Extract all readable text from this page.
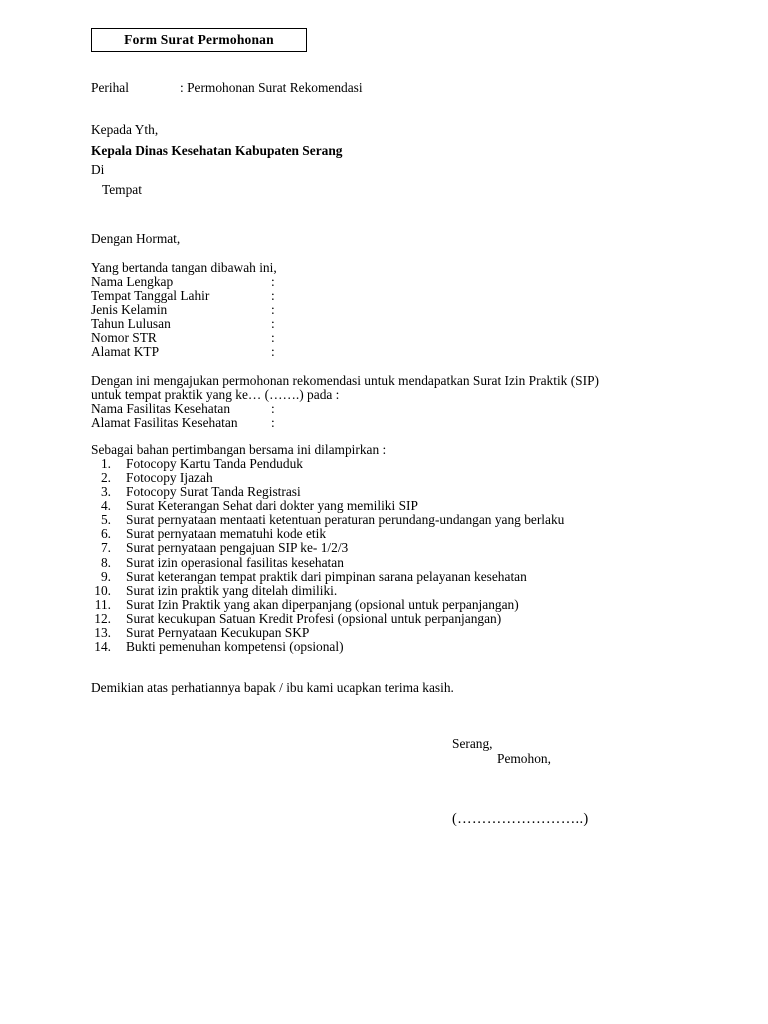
Form Surat Permohonan
Perihal	: Permohonan Surat Rekomendasi
Kepada Yth,
Kepala Dinas Kesehatan Kabupaten Serang
Di
Tempat
Dengan Hormat,
Yang bertanda tangan dibawah ini,
Nama Lengkap	:
Tempat Tanggal Lahir	:
Jenis Kelamin	:
Tahun Lulusan	:
Nomor STR	:
Alamat KTP	:
Dengan ini mengajukan permohonan rekomendasi untuk mendapatkan Surat Izin Praktik (SIP)
untuk tempat praktik yang ke… (…….) pada :
Nama Fasilitas Kesehatan	:
Alamat Fasilitas Kesehatan :
Sebagai bahan pertimbangan bersama ini dilampirkan :
1. Fotocopy Kartu Tanda Penduduk
2. Fotocopy Ijazah
3. Fotocopy Surat Tanda Registrasi
4. Surat Keterangan Sehat dari dokter yang memiliki SIP
5. Surat pernyataan mentaati ketentuan peraturan perundang-undangan yang berlaku
6. Surat pernyataan mematuhi kode etik
7. Surat pernyataan pengajuan SIP ke- 1/2/3
8. Surat izin operasional fasilitas kesehatan
9. Surat keterangan tempat praktik dari pimpinan sarana pelayanan kesehatan
10. Surat izin praktik yang ditelah dimiliki.
11. Surat Izin Praktik yang akan diperpanjang (opsional untuk perpanjangan)
12. Surat kecukupan Satuan Kredit Profesi (opsional untuk perpanjangan)
13. Surat Pernyataan Kecukupan SKP
14. Bukti pemenuhan kompetensi (opsional)
Demikian atas perhatiannya bapak / ibu kami ucapkan terima kasih.
Serang,
Pemohon,
(……………………..)
